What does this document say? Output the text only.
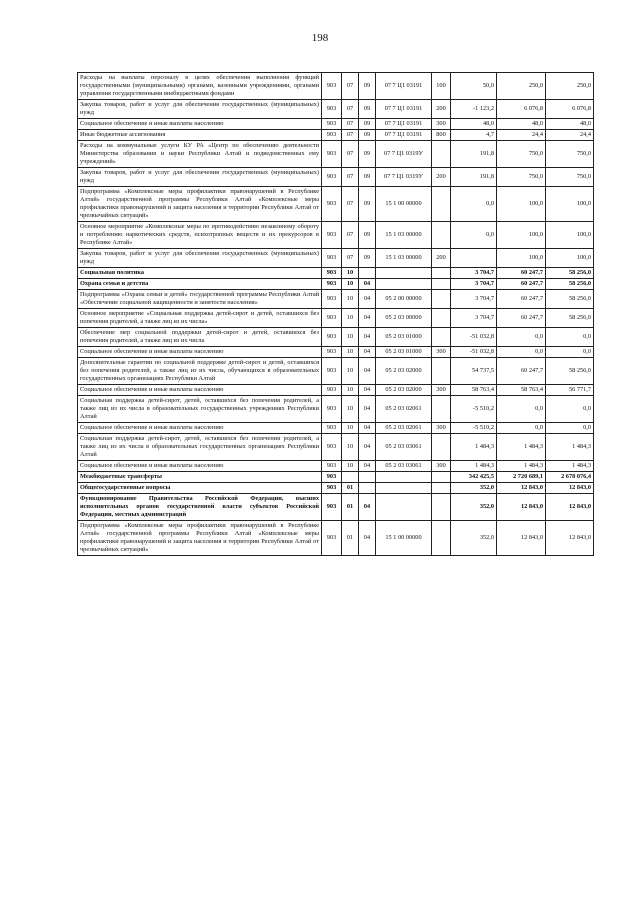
198
Расходы на выплаты персоналу в целях обеспечения выполнения функций государственными (муниципальными) органами, казенными учреждениями, органами управления государственными внебюджетными фондами	903	07	09	07 7 Ц1 03191	100	50,0	250,0	250,0
Закупка товаров, работ и услуг для обеспечения государственных (муниципальных) нужд	903	07	09	07 7 Ц1 03191	200	-1 123,2	6 076,8	6 076,8
Социальное обеспечение и иные выплаты населению	903	07	09	07 7 Ц1 03191	300	48,0	48,0	48,0
Иные бюджетные ассигнования	903	07	09	07 7 Ц1 03191	800	4,7	24,4	24,4
Расходы на коммунальные услуги КУ РА «Центр по обеспечению деятельности Министерства образования и науки Республики Алтай и подведомственных ему учреждений»	903	07	09	07 7 Ц1 0319У		191,8	750,0	750,0
Закупка товаров, работ и услуг для обеспечения государственных (муниципальных) нужд	903	07	09	07 7 Ц1 0319У	200	191,8	750,0	750,0
Подпрограмма «Комплексные меры профилактики правонарушений в Республике Алтай» государственной программы Республики Алтай «Комплексные меры профилактики правонарушений и защита населения и территории Республики Алтай от чрезвычайных ситуаций»	903	07	09	15 1 00 00000		0,0	100,0	100,0
Основное мероприятие «Комплексные меры по противодействию незаконному обороту и потреблению наркотических средств, психотропных веществ и их прекурсоров в Республике Алтай»	903	07	09	15 1 03 00000		0,0	100,0	100,0
Закупка товаров, работ и услуг для обеспечения государственных (муниципальных) нужд	903	07	09	15 1 03 00000	200		100,0	100,0
Социальная политика	903	10				3 704,7	60 247,7	58 256,0
Охрана семьи и детства	903	10	04			3 704,7	60 247,7	58 256,0
Подпрограмма «Охрана семьи и детей» государственной программы Республики Алтай «Обеспечение социальной защищенности и занятости населения»	903	10	04	05 2 00 00000		3 704,7	60 247,7	58 256,0
Основное мероприятие «Социальная поддержка детей-сирот и детей, оставшихся без попечения родителей, а также лиц из их числа»	903	10	04	05 2 03 00000		3 704,7	60 247,7	58 256,0
Обеспечение мер социальной поддержки детей-сирот и детей, оставшихся без попечения родителей, а также лиц из их числа	903	10	04	05 2 03 01000		-51 032,8	0,0	0,0
Социальное обеспечение и иные выплаты населению	903	10	04	05 2 03 01000	300	-51 032,8	0,0	0,0
Дополнительные гарантии по социальной поддержке детей-сирот и детей, оставшихся без попечения родителей, а также лиц из их числа, обучающихся в образовательных государственных организациях Республики Алтай	903	10	04	05 2 03 02000		54 737,5	60 247,7	58 256,0
Социальное обеспечение и иные выплаты населению	903	10	04	05 2 03 02000	300	58 763,4	58 763,4	56 771,7
Социальная поддержка детей-сирот, детей, оставшихся без попечения родителей, а также лиц из их числа в образовательных государственных учреждениях Республики Алтай	903	10	04	05 2 03 02061		-5 510,2	0,0	0,0
Социальное обеспечение и иные выплаты населению	903	10	04	05 2 03 02061	300	-5 510,2	0,0	0,0
Социальная поддержка детей-сирот, детей, оставшихся без попечения родителей, а также лиц из их числа в образовательных государственных организациях Республики Алтай	903	10	04	05 2 03 03061		1 484,3	1 484,3	1 484,3
Социальное обеспечение и иные выплаты населению	903	10	04	05 2 03 03061	300	1 484,3	1 484,3	1 484,3
Межбюджетные трансферты	903					342 425,5	2 720 689,1	2 678 076,4
Общегосударственные вопросы	903	01				352,0	12 843,0	12 843,0
Функционирование Правительства Российской Федерации, высших исполнительных органов государственной власти субъектов Российской Федерации, местных администраций	903	01	04			352,0	12 843,0	12 843,0
Подпрограмма «Комплексные меры профилактики правонарушений в Республике Алтай» государственной программы Республики Алтай «Комплексные меры профилактики правонарушений и защита населения и территории Республики Алтай от чрезвычайных ситуаций»	903	01	04	15 1 00 00000		352,0	12 843,0	12 843,0
